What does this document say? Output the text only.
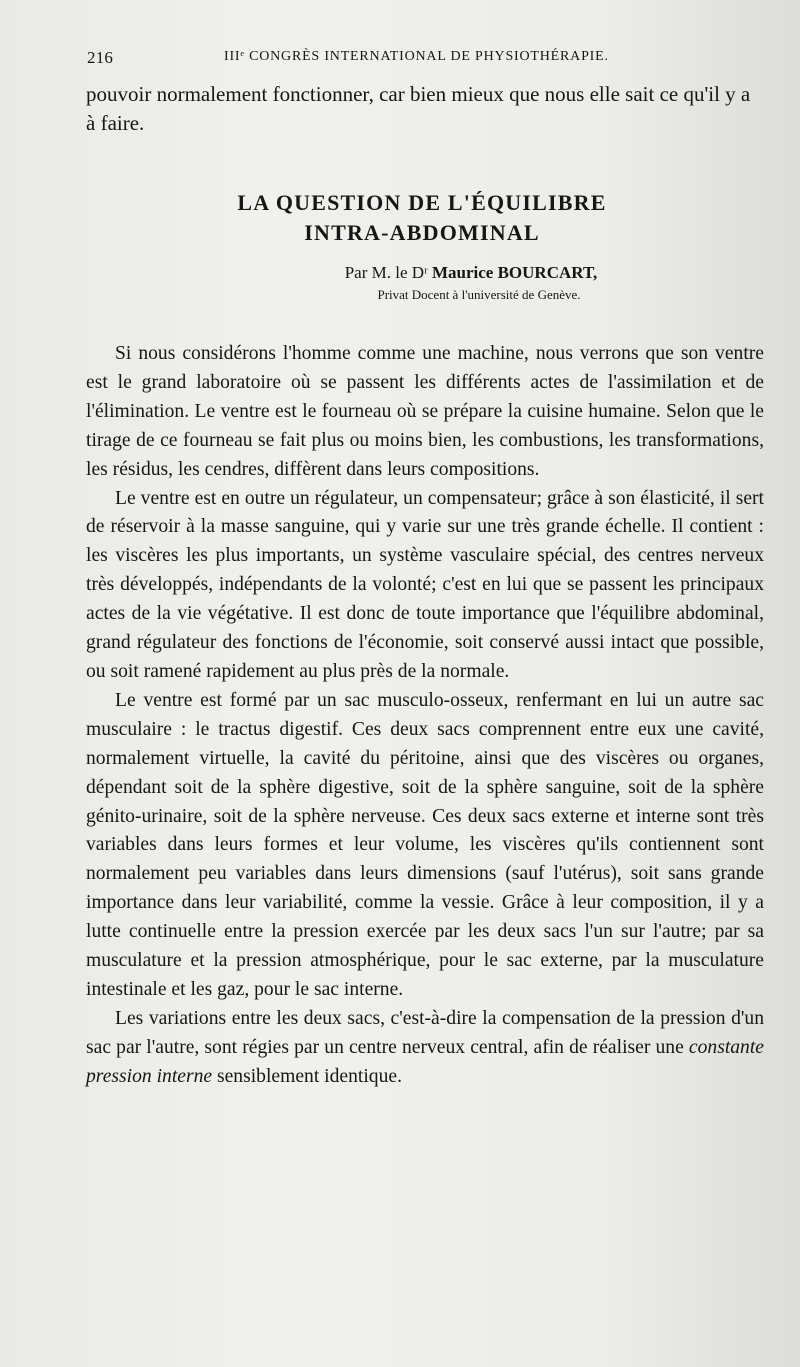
216	IIIᵉ CONGRÈS INTERNATIONAL DE PHYSIOTHÉRAPIE.
pouvoir normalement fonctionner, car bien mieux que nous elle sait ce qu'il y a à faire.
LA QUESTION DE L'ÉQUILIBRE
INTRA-ABDOMINAL
Par M. le Dʳ Maurice BOURCART,
Privat Docent à l'université de Genève.

Si nous considérons l'homme comme une machine, nous verrons que son ventre est le grand laboratoire où se passent les différents actes de l'assimilation et de l'élimination. Le ventre est le fourneau où se prépare la cuisine humaine. Selon que le tirage de ce fourneau se fait plus ou moins bien, les combustions, les transformations, les résidus, les cendres, diffèrent dans leurs compositions.

Le ventre est en outre un régulateur, un compensateur; grâce à son élasticité, il sert de réservoir à la masse sanguine, qui y varie sur une très grande échelle. Il contient : les viscères les plus importants, un système vasculaire spécial, des centres nerveux très développés, indépendants de la volonté; c'est en lui que se passent les principaux actes de la vie végétative. Il est donc de toute importance que l'équilibre abdominal, grand régulateur des fonctions de l'économie, soit conservé aussi intact que possible, ou soit ramené rapidement au plus près de la normale.

Le ventre est formé par un sac musculo-osseux, renfermant en lui un autre sac musculaire : le tractus digestif. Ces deux sacs comprennent entre eux une cavité, normalement virtuelle, la cavité du péritoine, ainsi que des viscères ou organes, dépendant soit de la sphère digestive, soit de la sphère sanguine, soit de la sphère génito-urinaire, soit de la sphère nerveuse. Ces deux sacs externe et interne sont très variables dans leurs formes et leur volume, les viscères qu'ils contiennent sont normalement peu variables dans leurs dimensions (sauf l'utérus), soit sans grande importance dans leur variabilité, comme la vessie. Grâce à leur composition, il y a lutte continuelle entre la pression exercée par les deux sacs l'un sur l'autre; par sa musculature et la pression atmosphérique, pour le sac externe, par la musculature intestinale et les gaz, pour le sac interne.

Les variations entre les deux sacs, c'est-à-dire la compensation de la pression d'un sac par l'autre, sont régies par un centre nerveux central, afin de réaliser une constante pression interne sensiblement identique.
